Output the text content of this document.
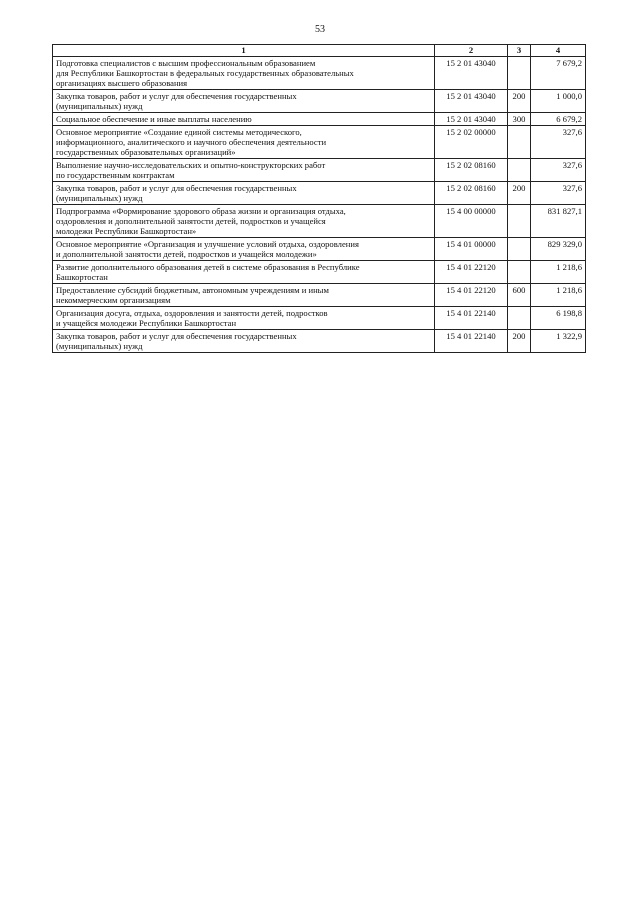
53
1	2	3	4
Подготовка специалистов с высшим профессиональным образованием
для Республики Башкортостан в федеральных государственных образовательных
организациях высшего образования	15 2 01 43040		7 679,2
Закупка товаров, работ и услуг для обеспечения государственных
(муниципальных) нужд	15 2 01 43040	200	1 000,0
Социальное обеспечение и иные выплаты населению	15 2 01 43040	300	6 679,2
Основное мероприятие «Создание единой системы методического,
информационного, аналитического и научного обеспечения деятельности
государственных образовательных организаций»	15 2 02 00000		327,6
Выполнение научно-исследовательских и опытно-конструкторских работ
по государственным контрактам	15 2 02 08160		327,6
Закупка товаров, работ и услуг для обеспечения государственных
(муниципальных) нужд	15 2 02 08160	200	327,6
Подпрограмма «Формирование здорового образа жизни и организация отдыха,
оздоровления и дополнительной занятости детей, подростков и учащейся
молодежи Республики Башкортостан»	15 4 00 00000		831 827,1
Основное мероприятие «Организация и улучшение условий отдыха, оздоровления
и дополнительной занятости детей, подростков и учащейся молодежи»	15 4 01 00000		829 329,0
Развитие дополнительного образования детей в системе образования в Республике
Башкортостан	15 4 01 22120		1 218,6
Предоставление субсидий бюджетным, автономным учреждениям и иным
некоммерческим организациям	15 4 01 22120	600	1 218,6
Организация досуга, отдыха, оздоровления и занятости детей, подростков
и учащейся молодежи Республики Башкортостан	15 4 01 22140		6 198,8
Закупка товаров, работ и услуг для обеспечения государственных
(муниципальных) нужд	15 4 01 22140	200	1 322,9
